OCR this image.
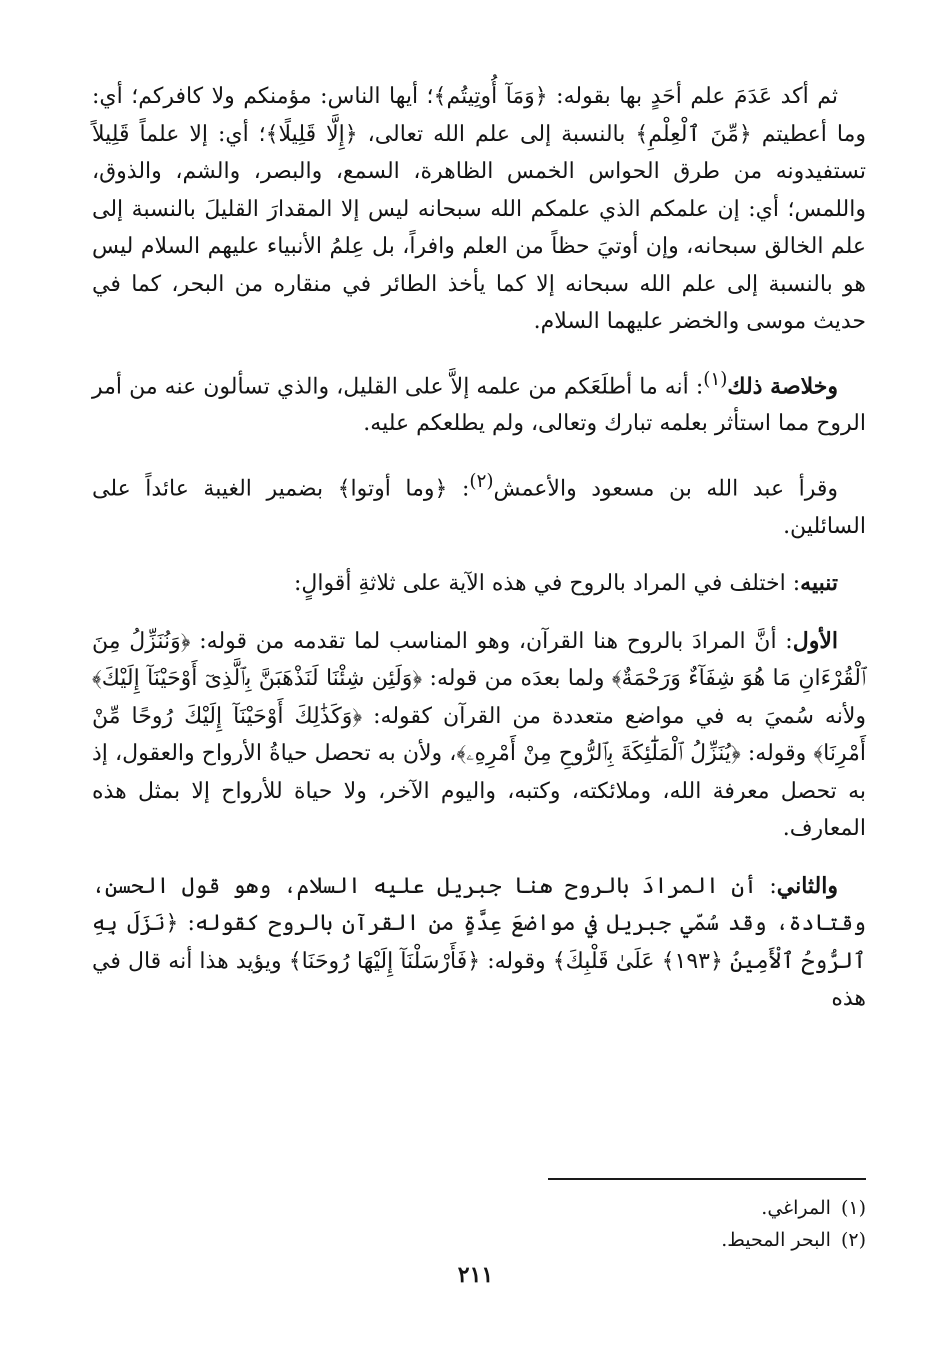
ثم أكد عَدَمَ علم أحَدٍ بها بقوله: ﴿وَمَآ أُوتِيتُم﴾؛ أيها الناس: مؤمنكم ولا كافركم؛ أي: وما أعطيتم ﴿مِّنَ ٱلْعِلْمِ﴾ بالنسبة إلى علم الله تعالى، ﴿إِلَّا قَلِيلًا﴾؛ أي: إلا علماً قَلِيلاً تستفيدونه من طرق الحواس الخمس الظاهرة، السمع، والبصر، والشم، والذوق، واللمس؛ أي: إن علمكم الذي علمكم الله سبحانه ليس إلا المقدارَ القليلَ بالنسبة إلى علم الخالق سبحانه، وإن أوتيَ حظاً من العلم وافراً، بل عِلمُ الأنبياء عليهم السلام ليس هو بالنسبة إلى علم الله سبحانه إلا كما يأخذ الطائر في منقاره من البحر، كما في حديث موسى والخضر عليهما السلام.

وخلاصة ذلك$^{(١)}$: أنه ما أطلَعَكم من علمه إلاَّ على القليل، والذي تسألون عنه من أمر الروح مما استأثر بعلمه تبارك وتعالى، ولم يطلعكم عليه.

وقرأ عبد الله بن مسعود والأعمش$^{(٢)}$: ﴿وما أوتوا﴾ بضمير الغيبة عائداً على السائلين.

تنبيه: اختلف في المراد بالروح في هذه الآية على ثلاثةِ أقوالٍ:

الأول: أنَّ المرادَ بالروح هنا القرآن، وهو المناسب لما تقدمه من قوله: ﴿وَنُنَزِّلُ مِنَ ٱلْقُرْءَانِ مَا هُوَ شِفَآءٌ وَرَحْمَةٌ﴾ ولما بعدَه من قوله: ﴿وَلَئِن شِئْنَا لَنَذْهَبَنَّ بِٱلَّذِىٓ أَوْحَيْنَآ إِلَيْكَ﴾ ولأنه سُميَ به في مواضع متعددة من القرآن كقوله: ﴿وَكَذَٰلِكَ أَوْحَيْنَآ إِلَيْكَ رُوحًا مِّنْ أَمْرِنَا﴾ وقوله: ﴿يُنَزِّلُ ٱلْمَلَٰٓئِكَةَ بِٱلرُّوحِ مِنْ أَمْرِهِۦ﴾، ولأن به تحصل حياةُ الأرواح والعقول، إذ به تحصل معرفة الله، وملائكته، وكتبه، واليوم الآخر، ولا حياة للأرواح إلا بمثل هذه المعارف.

والثاني: أن المرادَ بالروح هنا جبريل عليه السلام، وهو قول الحسن، وقتادة، وقد سُمّي جبريل في مواضعَ عِدَّةٍ من القرآن بالروح كقوله: ﴿نَزَلَ بِهِ ٱلرُّوحُ ٱلْأَمِينُ ﴿١٩٣﴾ عَلَىٰ قَلْبِكَ﴾ وقوله: ﴿فَأَرْسَلْنَآ إِلَيْهَا رُوحَنَا﴾ ويؤيد هذا أنه قال في هذه

(١)المراغي.
(٢)البحر المحيط.
٢١١
